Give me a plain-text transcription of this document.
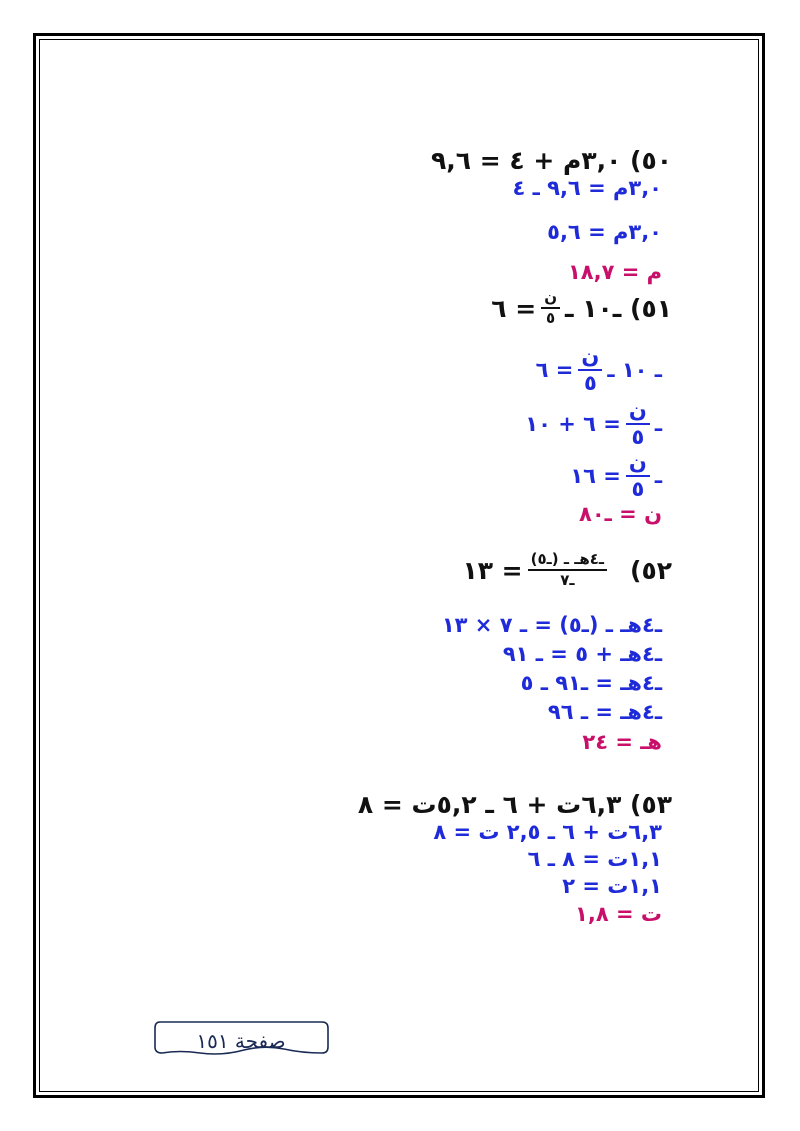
٥٠) ٣,٠م + ٤ = ٩,٦
٣,٠م = ٩,٦ ـ ٤
٣,٠م = ٥,٦
م = ١٨,٧
٥١) ـ١٠ ـ
$\frac{\text{ن}}{٥}$
= ٦
ـ ١٠ ـ
$\frac{\text{ن}}{٥}$
= ٦
ـ
$\frac{\text{ن}}{٥}$
= ٦ + ١٠
ـ
$\frac{\text{ن}}{٥}$
= ١٦
ن = ـ٨٠
٥٢)
$\frac{\text{ـ٤هـ ـ (ـ٥)}}{\text{ـ٧}}$
= ١٣
ـ٤هـ ـ (ـ٥) = ـ ٧ × ١٣
ـ٤هـ + ٥ = ـ ٩١
ـ٤هـ = ـ٩١ ـ ٥
ـ٤هـ = ـ ٩٦
هـ = ٢٤
٥٣) ٦,٣ت + ٦ ـ ٥,٢ت = ٨
٦,٣ت + ٦ ـ ٢,٥ ت = ٨
١,١ت = ٨ ـ ٦
١,١ت = ٢
ت = ١,٨
صفحة ١٥١
